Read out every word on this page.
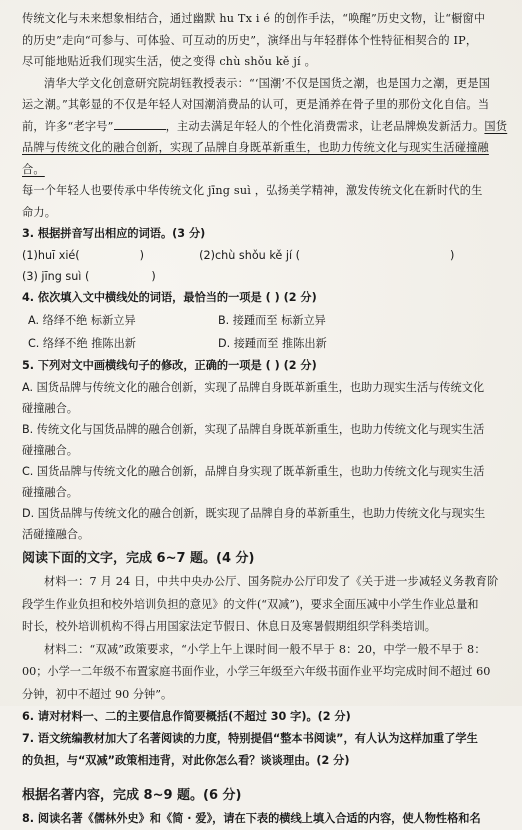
传统文化与未来想象相结合，通过幽默 hu Tx i é 的创作手法，“唤醒”历史文物，让“橱窗中

的历史”走向“可参与、可体验、可互动的历史”，演绎出与年轻群体个性特征相契合的 IP，

尽可能地贴近我们现实生活，使之变得 chù shǒu kě jí 。

清华大学文化创意研究院胡钰教授表示：“‘国潮’不仅是国货之潮，也是国力之潮，更是国

运之潮。”其彰显的不仅是年轻人对国潮消费品的认可，更是涌养在骨子里的那份文化自信。当

前，许多“老字号”	，主动去满足年轻人的个性化消费需求，让老品牌焕发新活力。国货

品牌与传统文化的融合创新，实现了品牌自身既革新重生，也助力传统文化与现实生活碰撞融合。

每一个年轻人也要传承中华传统文化 jīng suì ，弘扬美学精神，激发传统文化在新时代的生

命力。

3. 根据拼音写出相应的词语。(3 分)

(1)huī xié(	)	(2)chù shǒu kě jí (	)

(3) jīng suì (	)

4. 依次填入文中横线处的词语，最恰当的一项是 ( ) (2 分)

A. 络绎不绝 标新立异	B. 接踵而至 标新立异
C. 络绎不绝 推陈出新	D. 接踵而至 推陈出新

5. 下列对文中画横线句子的修改，正确的一项是 ( ) (2 分)

A. 国货品牌与传统文化的融合创新，实现了品牌自身既革新重生，也助力现实生活与传统文化

碰撞融合。

B. 传统文化与国货品牌的融合创新，实现了品牌自身既革新重生，也助力传统文化与现实生活

碰撞融合。

C. 国货品牌与传统文化的融合创新，品牌自身实现了既革新重生，也助力传统文化与现实生活

碰撞融合。

D. 国货品牌与传统文化的融合创新，既实现了品牌自身的革新重生，也助力传统文化与现实生

活碰撞融合。

阅读下面的文字，完成 6~7 题。(4 分)

材料一：7 月 24 日，中共中央办公厅、国务院办公厅印发了《关于进一步减轻义务教育阶

段学生作业负担和校外培训负担的意见》的文件(“双减”)，要求全面压减中小学生作业总量和

时长，校外培训机构不得占用国家法定节假日、休息日及寒暑假期组织学科类培训。

材料二：“双减”政策要求，“小学上午上课时间一般不早于 8：20，中学一般不早于 8：

00；小学一二年级不布置家庭书面作业，小学三年级至六年级书面作业平均完成时间不超过 60

分钟，初中不超过 90 分钟”。

6. 请对材料一、二的主要信息作简要概括(不超过 30 字)。(2 分)

7. 语文统编教材加大了名著阅读的力度，特别提倡“整本书阅读”，有人认为这样加重了学生

的负担，与“双减”政策相违背，对此你怎么看？谈谈理由。(2 分)

根据名著内容，完成 8~9 题。(6 分)

8. 阅读名著《儒林外史》和《简 · 爱》，请在下表的横线上填入合适的内容，使人物性格和名
